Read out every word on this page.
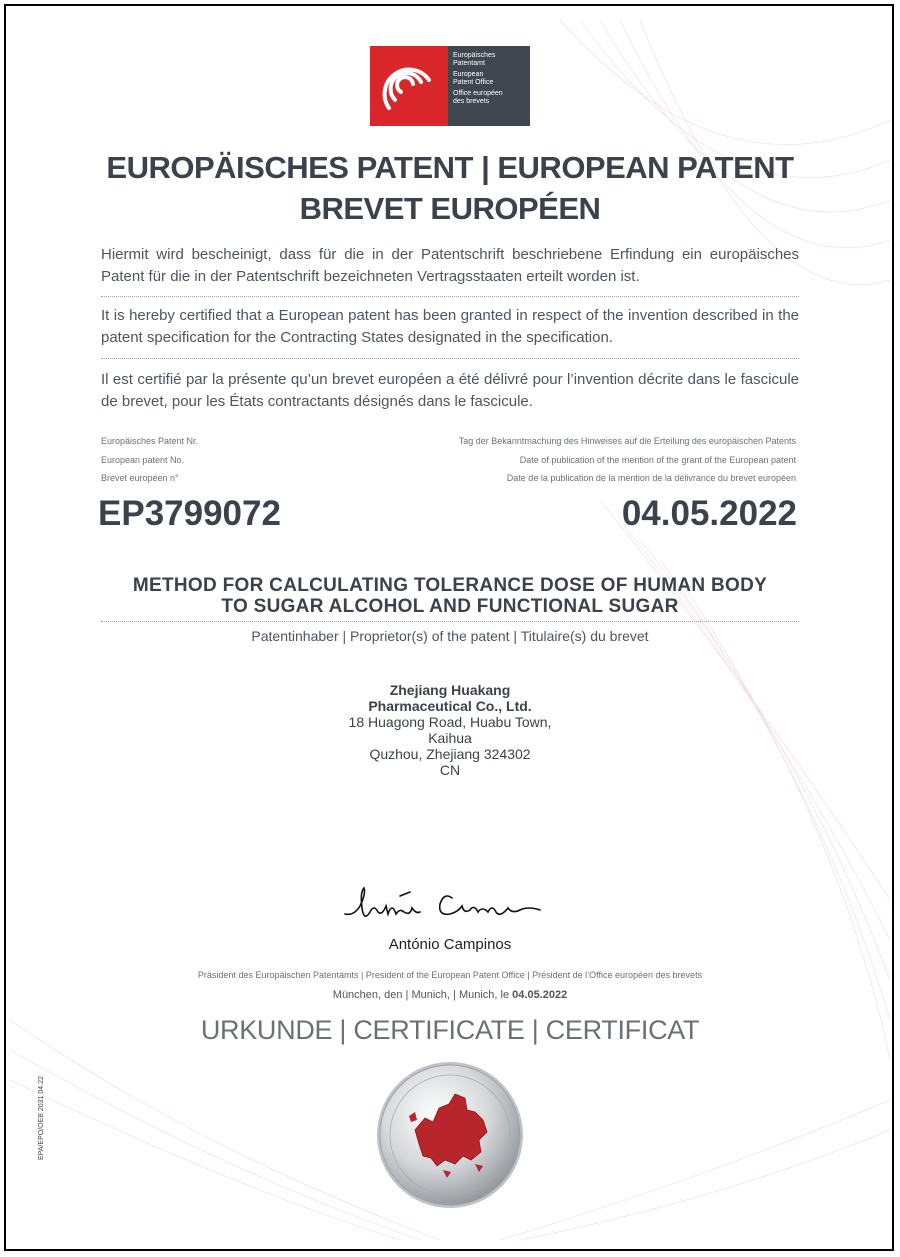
Europäisches
Patentamt
European
Patent Office
Office européen
des brevets
EUROPÄISCHES PATENT | EUROPEAN PATENT
BREVET EUROPÉEN
Hiermit wird bescheinigt, dass für die in der Patentschrift beschriebene Erfindung ein europäisches Patent für die in der Patentschrift bezeichneten Vertragsstaaten erteilt worden ist.
It is hereby certified that a European patent has been granted in respect of the invention described in the patent specification for the Contracting States designated in the specification.
Il est certifié par la présente qu’un brevet européen a été délivré pour l’invention décrite dans le fascicule de brevet, pour les États contractants désignés dans le fascicule.
Europäisches Patent Nr.
European patent No.
Brevet européen n°
Tag der Bekanntmachung des Hinweises auf die Erteilung des europäischen Patents
Date of publication of the mention of the grant of the European patent
Date de la publication de la mention de la délivrance du brevet européen
EP3799072	04.05.2022
METHOD FOR CALCULATING TOLERANCE DOSE OF HUMAN BODY
TO SUGAR ALCOHOL AND FUNCTIONAL SUGAR
Patentinhaber | Proprietor(s) of the patent | Titulaire(s) du brevet
Zhejiang Huakang
Pharmaceutical Co., Ltd.
18 Huagong Road, Huabu Town,
Kaihua
Quzhou, Zhejiang 324302
CN
António Campinos
Präsident des Europäischen Patentamts | President of the European Patent Office | Président de l’Office européen des brevets
München, den | Munich, | Munich, le 04.05.2022
URKUNDE | CERTIFICATE | CERTIFICAT
EPA/EPO/OEB 2031 04.22
